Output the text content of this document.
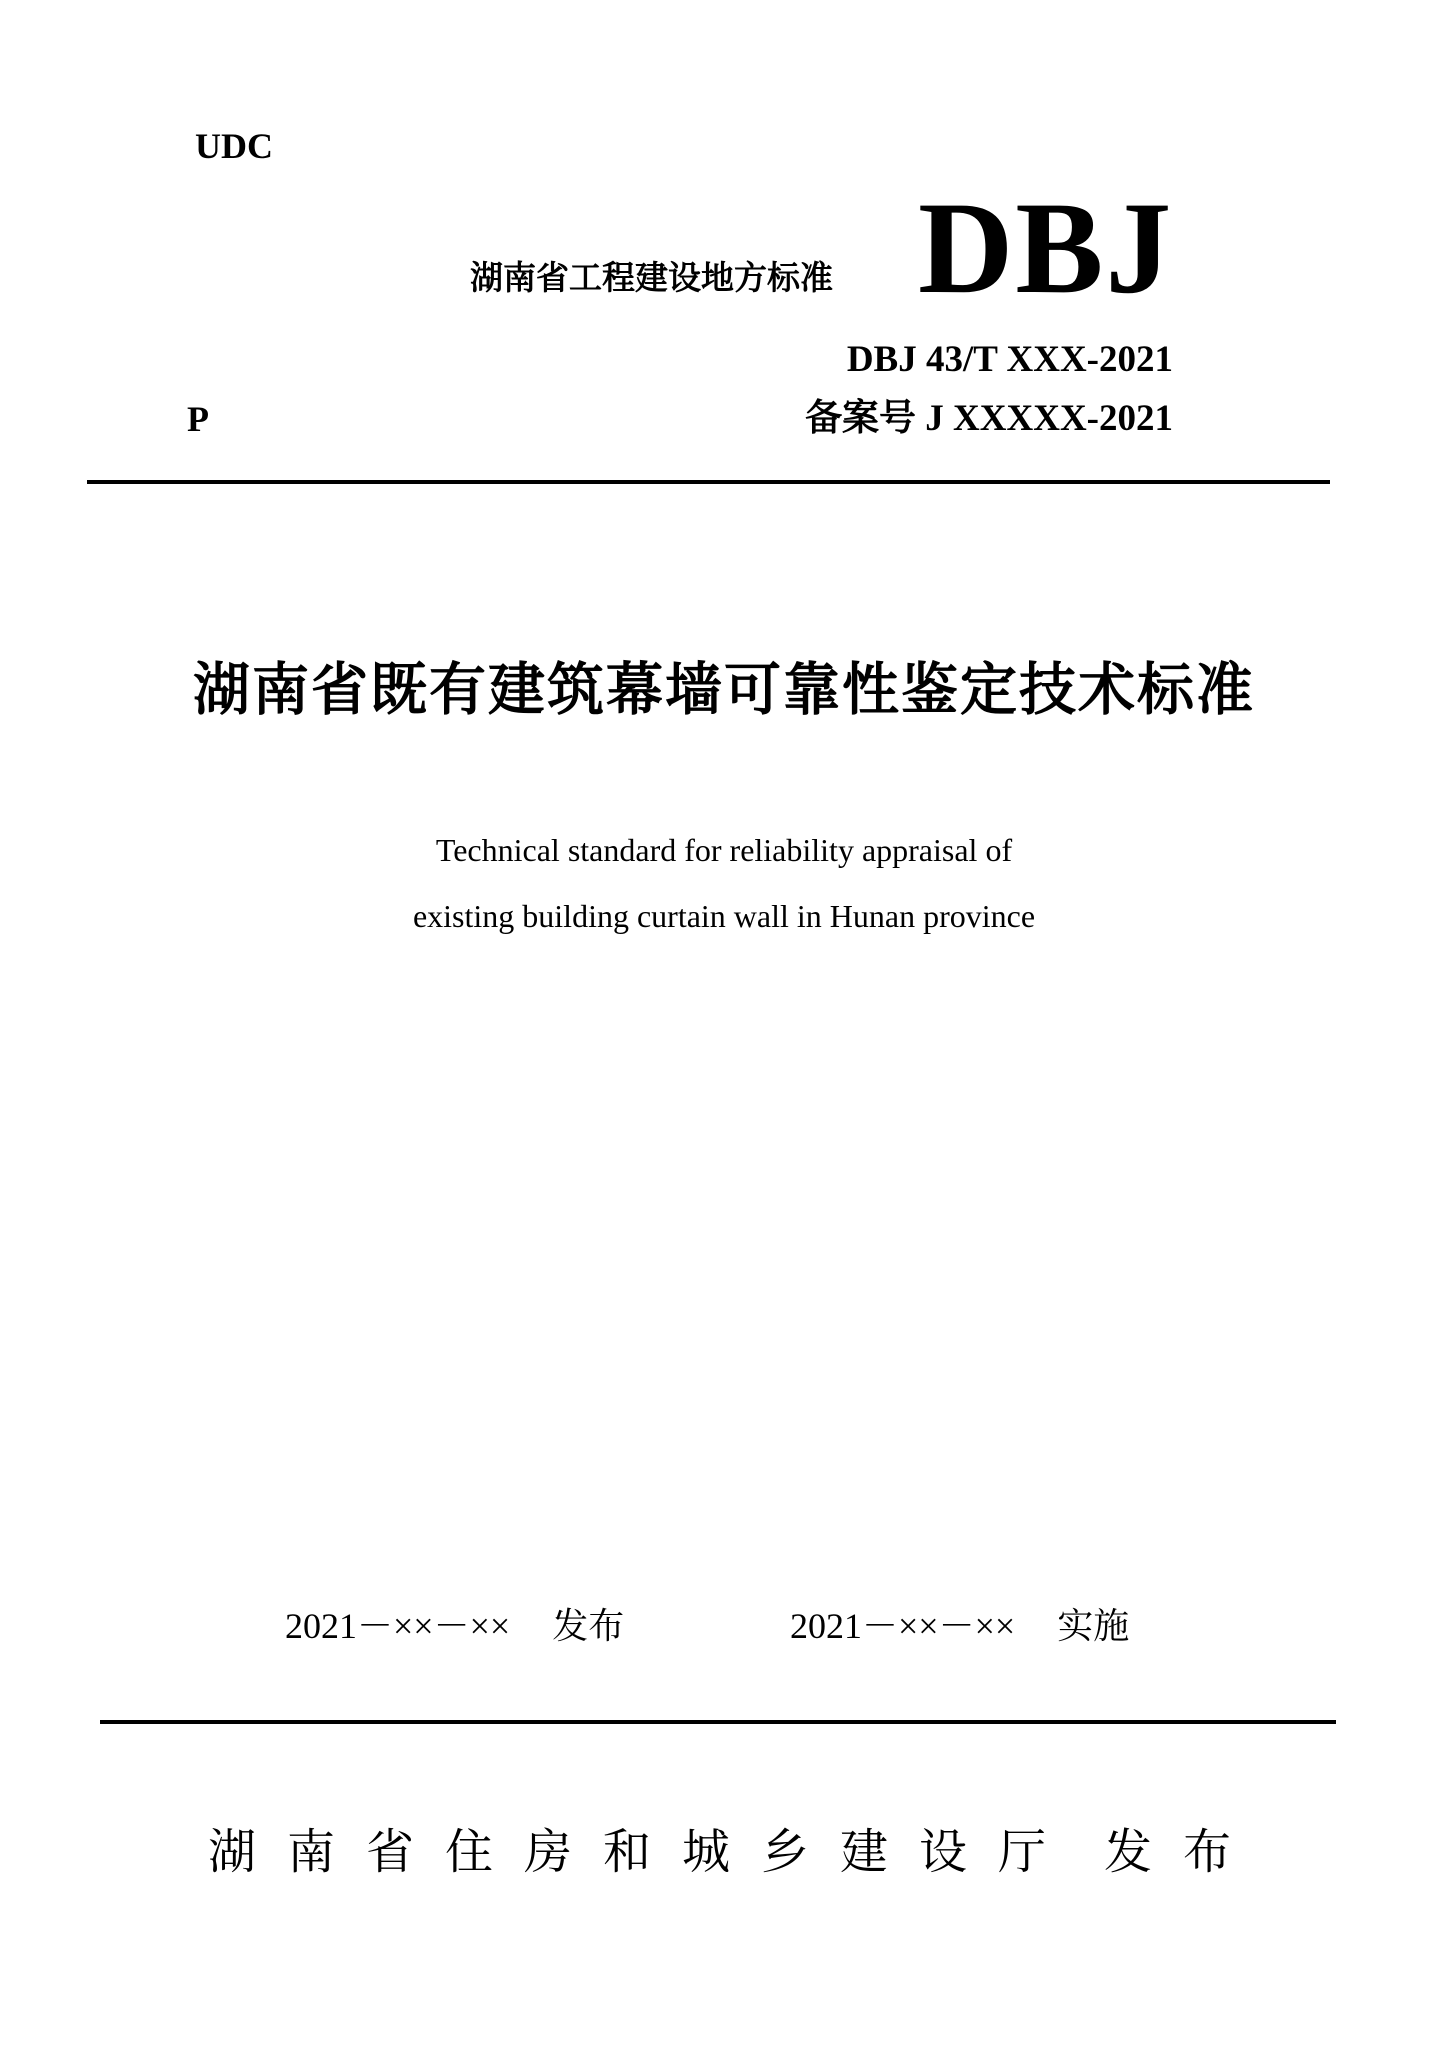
UDC
湖南省工程建设地方标准 DBJ
DBJ 43/T XXX-2021
P	备案号 J XXXXX-2021
湖南省既有建筑幕墙可靠性鉴定技术标准
Technical standard for reliability appraisal of
existing building curtain wall in Hunan province
2021－××－×× 发布	2021－××－×× 实施
湖南省住房和城乡建设厅 发布
